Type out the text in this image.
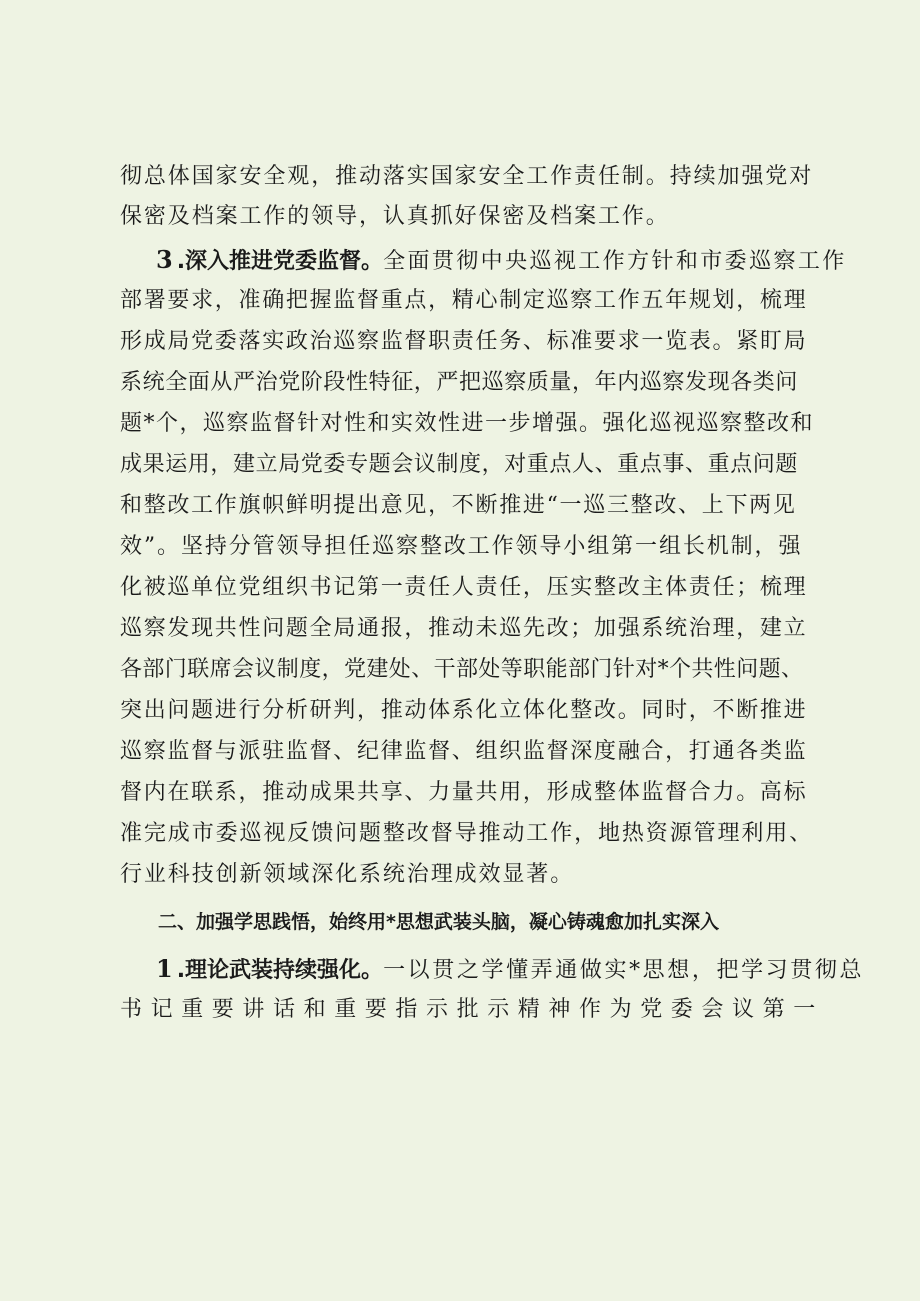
彻总体国家安全观，推动落实国家安全工作责任制。持续加强党对
保密及档案工作的领导，认真抓好保密及档案工作。
3 .深入推进党委监督。全面贯彻中央巡视工作方针和市委巡察工作
部署要求，准确把握监督重点，精心制定巡察工作五年规划，梳理
形成局党委落实政治巡察监督职责任务、标准要求一览表。紧盯局
系统全面从严治党阶段性特征，严把巡察质量，年内巡察发现各类问
题*个，巡察监督针对性和实效性进一步增强。强化巡视巡察整改和
成果运用，建立局党委专题会议制度，对重点人、重点事、重点问题
和整改工作旗帜鲜明提出意见，不断推进“一巡三整改、上下两见
效”。坚持分管领导担任巡察整改工作领导小组第一组长机制，强
化被巡单位党组织书记第一责任人责任，压实整改主体责任；梳理
巡察发现共性问题全局通报，推动未巡先改；加强系统治理，建立
各部门联席会议制度，党建处、干部处等职能部门针对*个共性问题、
突出问题进行分析研判，推动体系化立体化整改。同时，不断推进
巡察监督与派驻监督、纪律监督、组织监督深度融合，打通各类监
督内在联系，推动成果共享、力量共用，形成整体监督合力。高标
准完成市委巡视反馈问题整改督导推动工作，地热资源管理利用、
行业科技创新领域深化系统治理成效显著。
二、加强学思践悟，始终用*思想武装头脑，凝心铸魂愈加扎实深入
1 .理论武装持续强化。一以贯之学懂弄通做实*思想，把学习贯彻总
书记重要讲话和重要指示批示精神作为党委会议第一
